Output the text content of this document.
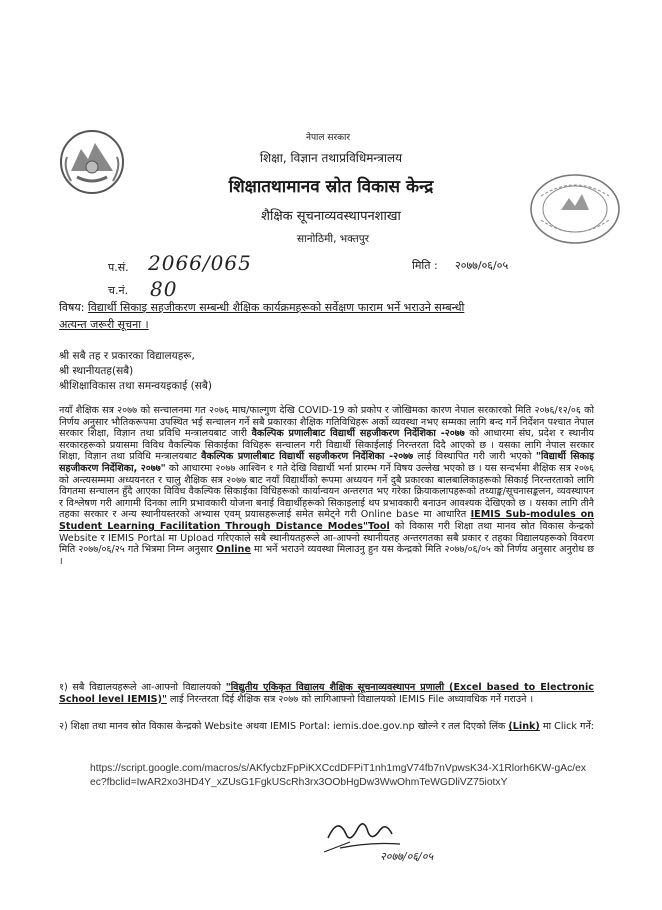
नेपाल सरकार
शिक्षा, विज्ञान तथाप्रविधिमन्त्रालय
शिक्षातथामानव स्रोत विकास केन्द्र
शैक्षिक सूचनाव्यवस्थापनशाखा
सानोठिमी, भक्तपुर
प.सं. 2066/065
च.नं. 80
मिति : २०७७/०६/०५
विषय: विद्यार्थी सिकाइ सहजीकरण सम्बन्धी शैक्षिक कार्यक्रमहरूको सर्वेक्षण फाराम भर्ने भराउने सम्बन्धी
अत्यन्त जरूरी सूचना ।
श्री सबै तह र प्रकारका विद्यालयहरू,
श्री स्थानीयतह(सबै)
श्रीशिक्षाविकास तथा समन्वयइकाई (सबै)
नयाँ शैक्षिक सत्र २०७७ को सन्चालनमा गत २०७६ माघ/फाल्गुण देखि COVID-19 को प्रकोप र जोखिमका कारण नेपाल सरकारको मिति २०७६/१२/०६ को निर्णय अनुसार भौतिकरूपमा उपस्थित भई सन्चालन गर्ने सबै प्रकारका शैक्षिक गतिविधिहरू अर्को व्यवस्था नभए सम्मका लागि बन्द गर्ने निर्देशन पश्चात नेपाल सरकार शिक्षा, विज्ञान तथा प्रविधि मन्त्रालयबाट जारी वैकल्पिक प्रणालीबाट विद्यार्थी सहजीकरण निर्देशिका -२०७७ को आधारमा संघ, प्रदेश र स्थानीय सरकारहरूको प्रयासमा विविध वैकल्पिक सिकाईका विधिहरू सन्चालन गरी विद्यार्थी सिकाईलाई निरन्तरता दिदै आएको छ । यसका लागि नेपाल सरकार शिक्षा, विज्ञान तथा प्रविधि मन्त्रालयबाट वैकल्पिक प्रणालीबाट विद्यार्थी सहजीकरण निर्देशिका -२०७७ लाई विस्थापित गरी जारी भएको "विद्यार्थी सिकाइ सहजीकरण निर्देशिका, २०७७" को आधारमा २०७७ आश्विन १ गते देखि विद्यार्थी भर्ना प्रारम्भ गर्ने विषय उल्लेख भएको छ । यस सन्दर्भमा शैक्षिक सत्र २०७६ को अन्त्यसम्ममा अध्ययनरत र चालु शैक्षिक सत्र २०७७ बाट नयाँ विद्यार्थीको रूपमा अध्ययन गर्ने दुबै प्रकारका बालबालिकाहरूको सिकाई निरन्तरताको लागि विगतमा सन्चालन हुँदै आएका विविध वैकल्पिक सिकाईका विधिहरूको कार्यान्वयन अन्तरगत भए गरेका क्रियाकलापहरूको तथ्याङ्क/सूचनासङ्कलन, व्यवस्थापन र विश्लेषण गरी आगामी दिनका लागि प्रभावकारी योजना बनाई विद्यार्थीहरूको सिकाइलाई थप प्रभावकारी बनाउन आवश्यक देखिएको छ । यसका लागि तीनै तहका सरकार र अन्य स्थानीयस्तरको अभ्यास एवम् प्रयासहरूलाई समेत समेट्ने गरी Online base मा आधारित IEMIS Sub-modules on Student Learning Facilitation Through Distance Modes"Tool को विकास गरी शिक्षा तथा मानव स्रोत विकास केन्द्रको Website र IEMIS Portal मा Upload गरिएकाले सबै स्थानीयतहरूले आ-आफ्नो स्थानीयतह अन्तरगतका सबै प्रकार र तहका विद्यालयहरूको विवरण मिति २०७७/०६/२५ गते भित्रमा निम्न अनुसार Online मा भर्ने भराउने व्यवस्था मिलाउनु हुन यस केन्द्रको मिति २०७७/०६/०५ को निर्णय अनुसार अनुरोध छ ।
१) सबै विद्यालयहरूले आ-आफ्नो विद्यालयको "विद्युतीय एकिकृत विद्यालय शैक्षिक सूचनाव्यवस्थापन प्रणाली (Excel based to Electronic School level IEMIS)" लाई निरन्तरता दिई शैक्षिक सत्र २०७७ को लागिआफ्नो विद्यालयको IEMIS File अध्यावधिक गर्ने गराउने ।
२) शिक्षा तथा मानव स्रोत विकास केन्द्रको Website अथवा IEMIS Portal: iemis.doe.gov.np खोल्ने र तल दिएको लिंक (Link) मा Click गर्ने:
https://script.google.com/macros/s/AKfycbzFpPiKXCcdDFPiT1nh1mgV74fb7nVpwsK34-X1Rlorh6KW-gAc/exec?fbclid=IwAR2xo3HD4Y_xZUsG1FgkUScRh3rx3OObHgDw3WwOhmTeWGDliVZ75iotxY
२०७७/०६/०५
